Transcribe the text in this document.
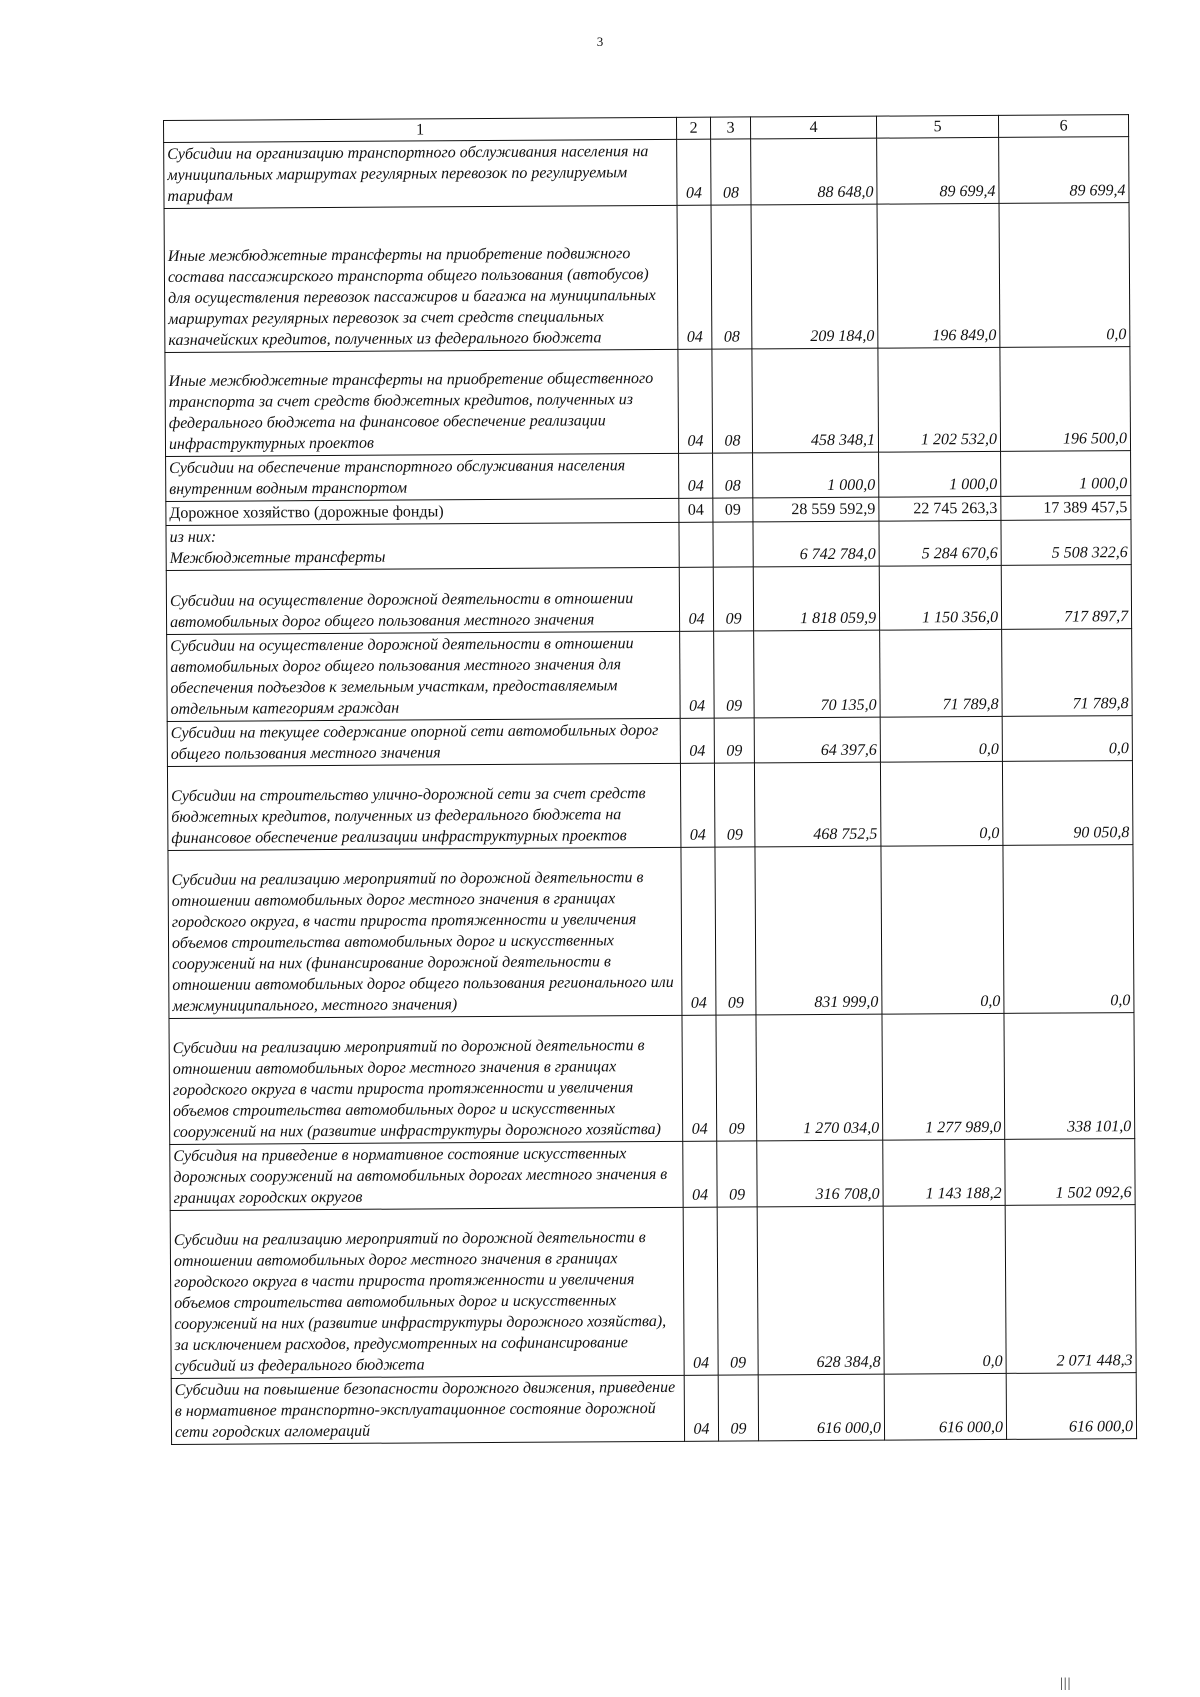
3
1	2	3	4	5	6
Субсидии на организацию транспортного обслуживания населения на муниципальных маршрутах регулярных перевозок по регулируемым тарифам	04	08	88 648,0	89 699,4	89 699,4
Иные межбюджетные трансферты на приобретение подвижного состава пассажирского транспорта общего пользования (автобусов) для осуществления перевозок пассажиров и багажа на муниципальных маршрутах регулярных перевозок за счет средств специальных казначейских кредитов, полученных из федерального бюджета	04	08	209 184,0	196 849,0	0,0
Иные межбюджетные трансферты на приобретение общественного транспорта за счет средств бюджетных кредитов, полученных из федерального бюджета на финансовое обеспечение реализации инфраструктурных проектов	04	08	458 348,1	1 202 532,0	196 500,0
Субсидии на обеспечение транспортного обслуживания населения внутренним водным транспортом	04	08	1 000,0	1 000,0	1 000,0
Дорожное хозяйство (дорожные фонды)	04	09	28 559 592,9	22 745 263,3	17 389 457,5

из них:
Межбюджетные трансферты			6 742 784,0	5 284 670,6	5 508 322,6
Субсидии на осуществление дорожной деятельности в отношении автомобильных дорог общего пользования местного значения	04	09	1 818 059,9	1 150 356,0	717 897,7
Субсидии на осуществление дорожной деятельности в отношении автомобильных дорог общего пользования местного значения для обеспечения подъездов к земельным участкам, предоставляемым отдельным категориям граждан	04	09	70 135,0	71 789,8	71 789,8
Субсидии на текущее содержание опорной сети автомобильных дорог общего пользования местного значения	04	09	64 397,6	0,0	0,0
Субсидии на строительство улично-дорожной сети за счет средств бюджетных кредитов, полученных из федерального бюджета на финансовое обеспечение реализации инфраструктурных проектов	04	09	468 752,5	0,0	90 050,8
Субсидии на реализацию мероприятий по дорожной деятельности в отношении автомобильных дорог местного значения в границах городского округа, в части прироста протяженности и увеличения объемов строительства автомобильных дорог и искусственных сооружений на них (финансирование дорожной деятельности в отношении автомобильных дорог общего пользования регионального или межмуниципального, местного значения)	04	09	831 999,0	0,0	0,0
Субсидии на реализацию мероприятий по дорожной деятельности в отношении автомобильных дорог местного значения в границах городского округа в части прироста протяженности и увеличения объемов строительства автомобильных дорог и искусственных сооружений на них (развитие инфраструктуры дорожного хозяйства)	04	09	1 270 034,0	1 277 989,0	338 101,0
Субсидия на приведение в нормативное состояние искусственных дорожных сооружений на автомобильных дорогах местного значения в границах городских округов	04	09	316 708,0	1 143 188,2	1 502 092,6
Субсидии на реализацию мероприятий по дорожной деятельности в отношении автомобильных дорог местного значения в границах городского округа в части прироста протяженности и увеличения объемов строительства автомобильных дорог и искусственных сооружений на них (развитие инфраструктуры дорожного хозяйства), за исключением расходов, предусмотренных на софинансирование субсидий из федерального бюджета	04	09	628 384,8	0,0	2 071 448,3
Субсидии на повышение безопасности дорожного движения, приведение в нормативное транспортно-эксплуатационное состояние дорожной сети городских агломераций	04	09	616 000,0	616 000,0	616 000,0
|||
